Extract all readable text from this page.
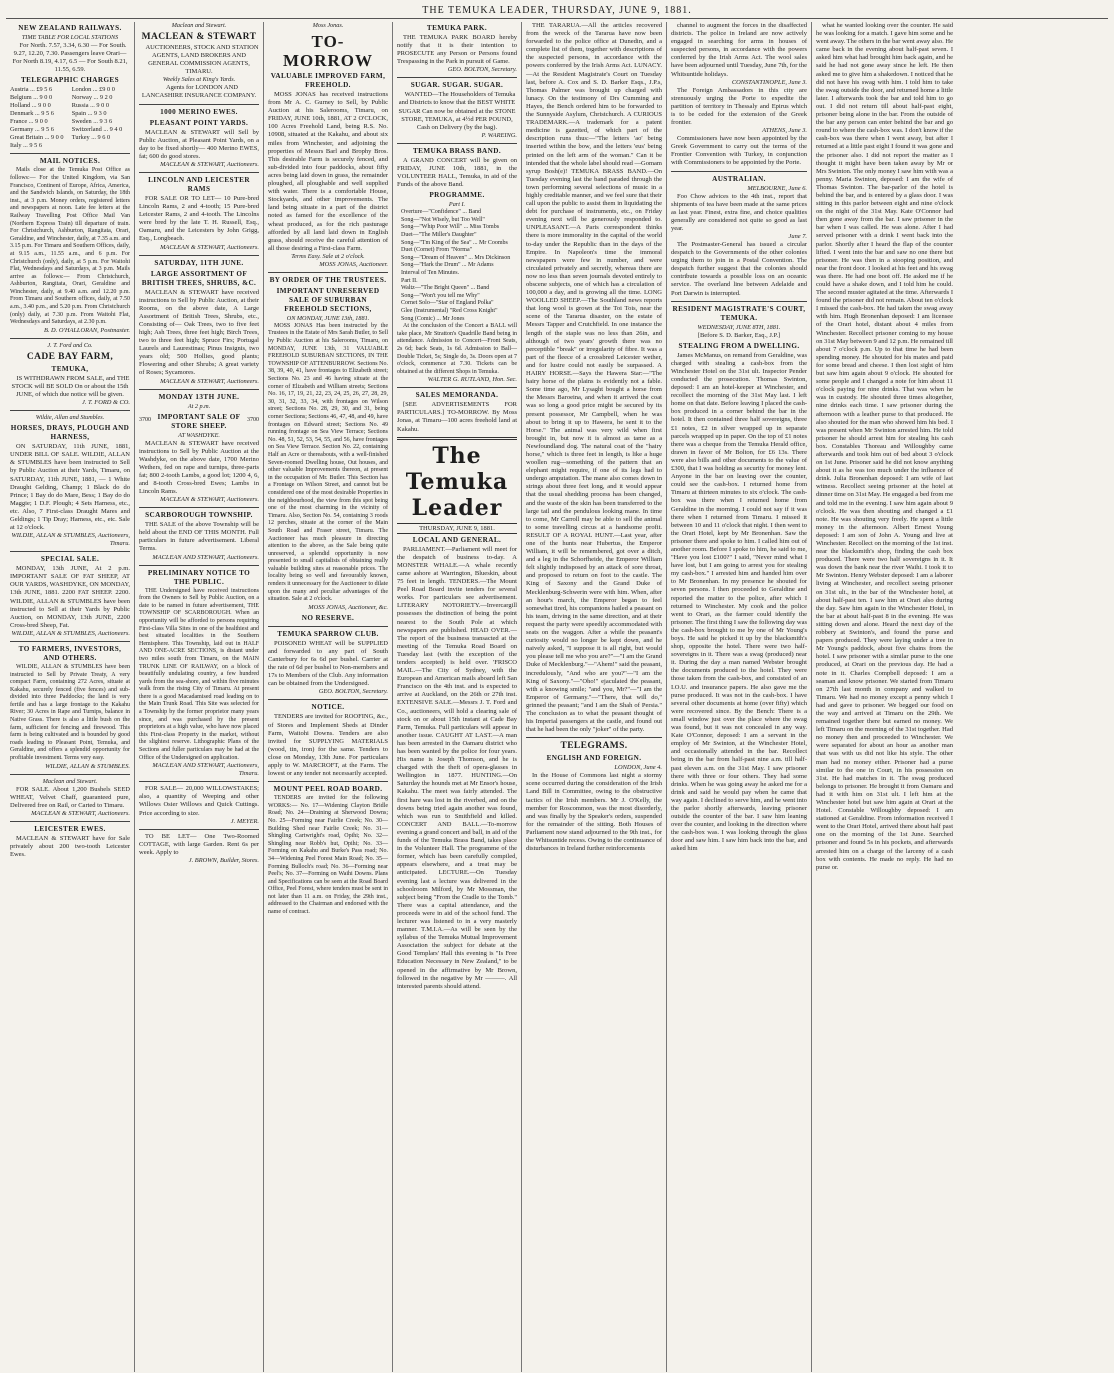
THE TEMUKA LEADER, THURSDAY, JUNE 9, 1881.
NEW ZEALAND RAILWAYS.
TIME TABLE FOR LOCAL STATIONS

For North. 7.57, 3.34, 6.30 — For South. 9.27, 12.20, 7.30. Passengers leave Orari— For North 8.19, 4.17, 6.5 — For South 8.21, 11.55, 6.59.

TELEGRAPHIC CHARGES
Austria ... £9 5 6	London ... £9 0 0	
Belgium ... 9 0 0	Norway ... 9 2 0	
Holland ... 9 0 0	Russia ... 9 0 0	
Denmark ... 9 5 6	Spain ... 9 3 0	
France ... 9 0 0	Sweden ... 9 3 6	
Germany ... 9 5 6	Switzerland ... 9 4 0	
Great Britain ... 9 0 0	Turkey ... 9 6 0	
Italy ... 9 5 6		
MAIL NOTICES.

Mails close at the Temuka Post Office as follows:— For the United Kingdom, via San Francisco, Continent of Europe, Africa, America, and the Sandwich Islands, on Saturday, the 18th inst., at 3 p.m. Money orders, registered letters and newspapers at noon. Late fee letters at the Railway Travelling Post Office Mail Van (Northern Express Train) till departure of train. For Christchurch, Ashburton, Rangitata, Orari, Geraldine, and Winchester, daily, at 7.35 a.m. and 3.15 p.m. For Timaru and Southern Offices, daily, at 9.15 a.m., 11.55 a.m., and 6 p.m. For Christchurch (only), daily, at 5 p.m. For Waitohi Flat, Wednesdays and Saturdays, at 3 p.m. Mails arrive as follows:— From Christchurch, Ashburton, Rangitata, Orari, Geraldine and Winchester, daily, at 9.40 a.m. and 12.20 p.m. From Timaru and Southern offices, daily, at 7.50 a.m., 3.40 p.m., and 5.20 p.m. From Christchurch (only) daily, at 7.30 p.m. From Waitohi Flat, Wednesdays and Saturdays, at 2.30 p.m.

B. D. O'HALLORAN, Postmaster.
J. T. Ford and Co.
CADE BAY FARM,
TEMUKA,

IS WITHDRAWN FROM SALE, and THE STOCK will BE SOLD On or about the 15th JUNE, of which due notice will be given.

J. T. FORD & CO.
Wildie, Allan and Stumbles.
HORSES, DRAYS, PLOUGH AND HARNESS,

ON SATURDAY, 11th JUNE, 1881, UNDER BILL OF SALE. WILDIE, ALLAN & STUMBLES have been instructed to Sell by Public Auction at their Yards, Timaru, on SATURDAY, 11th JUNE, 1881, — 1 White Draught Gelding, Champ; 1 Black do do Prince; 1 Bay do do Mare, Bess; 1 Bay do do Maggie; 1 D.F. Plough; 4 Sets Harness, etc., etc. Also, 7 First-class Draught Mares and Geldings; 1 Tip Dray; Harness, etc., etc. Sale at 12 o'clock.

WILDIE, ALLAN & STUMBLES, Auctioneers, Timaru.
SPECIAL SALE.

MONDAY, 13th JUNE, At 2 p.m. IMPORTANT SALE OF FAT SHEEP, AT OUR YARDS, WASHDYKE, ON MONDAY, 13th JUNE, 1881. 2200 FAT SHEEP. 2200. WILDIE, ALLAN & STUMBLES have been instructed to Sell at their Yards by Public Auction, on MONDAY, 13th JUNE, 2200 Cross-bred Sheep, Fat.

WILDIE, ALLAN & STUMBLES, Auctioneers.
TO FARMERS, INVESTORS, AND OTHERS.

WILDIE, ALLAN & STUMBLES have been instructed to Sell by Private Treaty, A very compact Farm, containing 272 Acres, situate at Kakahu, securely fenced (five fences) and sub-divided into three Paddocks; the land is very fertile and has a large frontage to the Kakahu River; 30 Acres in Rape and Turnips, balance in Native Grass. There is also a little bush on the farm, sufficient for fencing and firewood. This farm is being cultivated and is bounded by good roads leading to Pleasant Point, Temuka, and Geraldine, and offers a splendid opportunity for profitable investment. Terms very easy.

WILDIE, ALLAN & STUMBLES.
Maclean and Stewart.

FOR SALE. About 1,200 Bushels SEED WHEAT, Velvet Chaff, guaranteed pure, Delivered free on Rail, or Carted to Timaru.

MACLEAN & STEWART, Auctioneers.
LEICESTER EWES.

MACLEAN & STEWART have for Sale privately about 200 two-tooth Leicester Ewes.

Maclean and Stewart.
MACLEAN & STEWART

AUCTIONEERS, STOCK AND STATION AGENTS, LAND BROKERS AND GENERAL COMMISSION AGENTS, TIMARU.

Weekly Sales at King's Yards.

Agents for LONDON AND LANCASHIRE INSURANCE COMPANY.

1000 MERINO EWES.
PLEASANT POINT YARDS.

MACLEAN & STEWART will Sell by Public Auction, at Pleasant Point Yards, on a day to be fixed shortly— 400 Merino EWES, fat; 600 do good stores.

MACLEAN & STEWART, Auctioneers.
LINCOLN AND LEICESTER RAMS

FOR SALE OR TO LET— 10 Pure-bred Lincoln Rams, 2 and 4-tooth; 15 Pure-bred Leicester Rams, 2 and 4-tooth. The Lincolns were bred by the late T. H. Russell, Esq., Oamaru, and the Leicesters by John Grigg, Esq., Longbeach.

MACLEAN & STEWART, Auctioneers.
SATURDAY, 11TH JUNE.
LARGE ASSORTMENT OF BRITISH TREES, SHRUBS, &C.

MACLEAN & STEWART have received instructions to Sell by Public Auction, at their Rooms, on the above date, A Large Assortment of British Trees, Shrubs, etc., Consisting of— Oak Trees, two to five feet high; Ash Trees, three feet high; Birch Trees, two to three feet high; Spruce Firs; Portugal Laurels and Laurestinas; Pinus Insignis, two years old; 500 Hollies, good plants; Flowering and other Shrubs; A great variety of Roses; Sycamores.

MACLEAN & STEWART, Auctioneers.
MONDAY 13TH JUNE.
At 2 p.m.
3700 IMPORTANT SALE OF STORE SHEEP.
3700
AT WASHDYKE.

MACLEAN & STEWART have received instructions to Sell by Public Auction at the Washdyke, on the above date, 1700 Merino Wethers, fed on rape and turnips, three-parts fat; 800 2-tooth Lambs, a good lot; 1200 4, 6, and 8-tooth Cross-bred Ewes; Lambs in Lincoln Rams.

MACLEAN & STEWART, Auctioneers.
SCARBOROUGH TOWNSHIP.

THE SALE of the above Township will be held about the END OF THIS MONTH. Full particulars in future advertisement. Liberal Terms.

MACLEAN AND STEWART, Auctioneers.
PRELIMINARY NOTICE TO THE PUBLIC.

THE Undersigned have received instructions from the Owners to Sell by Public Auction, on a date to be named in future advertisement, THE TOWNSHIP OF SCARBOROUGH. When an opportunity will be afforded to persons requiring First-class Villa Sites in one of the healthiest and best situated localities in the Southern Hemisphere. This Township, laid out in HALF AND ONE-ACRE SECTIONS, is distant under two miles south from Timaru, on the MAIN TRUNK LINE OF RAILWAY, on a block of beautifully undulating country, a few hundred yards from the sea-shore, and within five minutes walk from the rising City of Timaru. At present there is a good Macadamised road leading on to the Main Trunk Road. This Site was selected for a Township by the former proprietor many years since, and was purchased by the present proprietors at a high value, who have now placed this First-class Property in the market, without the slightest reserve. Lithographic Plans of the Sections and fuller particulars may be had at the Office of the Undersigned on application.

MACLEAN AND STEWART, Auctioneers, Timaru.

FOR SALE— 20,000 WILLOWSTAKES; also, a quantity of Weeping and other Willows Osier Willows and Quick Cuttings. Price according to size.

J. MEYER.

TO BE LET— One Two-Roomed COTTAGE, with large Garden. Rent 6s per week. Apply to

J. BROWN, Builder, Stores.
Moss Jonas.
TO-MORROW
VALUABLE IMPROVED FARM, FREEHOLD.

MOSS JONAS has received instructions from Mr A. C. Gurney to Sell, by Public Auction at his Salerooms, Timaru, on FRIDAY, JUNE 10th, 1881, AT 2 O'CLOCK, 100 Acres Freehold Land, being R.S. No. 10908, situated at the Kakahu, and about six miles from Winchester, and adjoining the properties of Messrs Barl and Brophy Bros. This desirable Farm is securely fenced, and sub-divided into four paddocks, about fifty acres being laid down in grass, the remainder ploughed, all ploughable and well supplied with water. There is a comfortable House, Stockyards, and other improvements. The land being situate in a part of the district noted as famed for the excellence of the wheat produced, as for the rich pasturage afforded by all land laid down in English grass, should receive the careful attention of all those desiring a First-class Farm.

Terms Easy. Sale at 2 o'clock.
MOSS JONAS, Auctioneer.
BY ORDER OF THE TRUSTEES.
IMPORTANT UNRESERVED SALE OF SUBURBAN FREEHOLD SECTIONS,
ON MONDAY, JUNE 13th, 1881.

MOSS JONAS Has been instructed by the Trustees in the Estate of Mrs Sarah Butler, to Sell by Public Auction at his Salerooms, Timaru, on MONDAY, JUNE 13th, 31 VALUABLE FREEHOLD SUBURBAN SECTIONS, IN THE TOWNSHIP OF ATTENBURROW. Sections No. 38, 39, 40, 41, have frontages to Elizabeth street; Sections No. 23 and 46 having situate at the corner of Elizabeth and William streets; Sections No. 16, 17, 19, 21, 22, 23, 24, 25, 26, 27, 28, 29, 30, 31, 32, 33, 34, with frontages on Wilson street; Sections No. 28, 29, 30, and 31, being corner Sections; Sections 46, 47, 48, and 49, have frontages on Edward street; Sections No. 49 running frontage on Sea View Terrace; Sections No. 48, 51, 52, 53, 54, 55, and 56, have frontages on Sea View Terrace. Section No. 22, containing Half an Acre or thereabouts, with a well-finished Seven-roomed Dwelling house, Out houses, and other valuable Improvements thereon, at present in the occupation of Mr. Butler. This Section has a Frontage on Wilson Street, and cannot but be considered one of the most desirable Properties in the neighbourhood, the view from this spot being one of the most charming in the vicinity of Timaru. Also, Section No. 54, containing 3 roods 12 perches, situate at the corner of the Main South Road and Fraser street, Timaru. The Auctioneer has much pleasure in directing attention to the above, as the Sale being quite unreserved, a splendid opportunity is now presented to small capitalists of obtaining really valuable building sites at reasonable prices. The locality being so well and favourably known, renders it unnecessary for the Auctioneer to dilate upon the many and peculiar advantages of the situation. Sale at 2 o'clock.

MOSS JONAS, Auctioneer, &c.
NO RESERVE.
TEMUKA SPARROW CLUB.

POISONED WHEAT will be SUPPLIED and forwarded to any part of South Canterbury for 6s 6d per bushel. Carrier at the rate of 6d per bushel to Non-members and 17s to Members of the Club. Any information can be obtained from the Undersigned.

GEO. BOLTON, Secretary.
NOTICE.

TENDERS are invited for ROOFING, &c., of Stores and Implement Sheds at Dinder Farm, Waitohi Downs. Tenders are also invited for SUPPLYING MATERIALS (wood, tin, iron) for the same. Tenders to close on Monday, 13th June. For particulars apply to W. MARCROFT, at the Farm. The lowest or any tender not necessarily accepted.

MOUNT PEEL ROAD BOARD.

TENDERS are invited for the following WORKS:— No. 17—Widening Clayton Bridle Road; No. 24—Draining at Sherwood Downs; No. 25—Forming near Fairlie Creek; No. 30—Building Shed near Fairlie Creek; No. 31—Shingling Cartwright's road, Opihi; No. 32—Shingling near Robb's hut, Opihi; No. 33—Forming on Kakahu and Burke's Pass road; No. 34—Widening Peel Forest Main Road; No. 35—Forming Bulloch's road; No. 36—Forming near Peel's; No. 37—Forming on Waihi Downs. Plans and Specifications can be seen at the Road Board Office, Peel Forest, where tenders must be sent in not later than 11 a.m. on Friday, the 29th inst., addressed to the Chairman and endorsed with the name of contract.

TEMUKA PARK.

THE TEMUKA PARK BOARD hereby notify that it is their intention to PROSECUTE any Person or Persons found Trespassing in the Park in pursuit of Game.

GEO. BOLTON, Secretary.
SUGAR. SUGAR. SUGAR.

WANTED—The Householders of Temuka and Districts to know that the BEST WHITE SUGAR Can now be obtained at the STONE STORE, TEMUKA, at 4½d PER POUND, Cash on Delivery (by the bag).

P. WAREING.
TEMUKA BRASS BAND.

A GRAND CONCERT will be given on FRIDAY, JUNE 10th, 1881, in the VOLUNTEER HALL, Temuka, in aid of the Funds of the above Band.

PROGRAMME.
Part I.
Overture—"Confidence" ... Band
Song—"Not Wisely, but Too Well"
Song—"Whip Poor Will" ... Miss Tombs
Duet—"The Miller's Daughter"
Song—"Tm King of the Sea" ... Mr Coombs
Duet (Cornet) From "Norma"
Song—"Dream of Heaven" ... Mrs Dickinson
Song—"Hark the Drum" ... Mr Adams
Interval of Ten Minutes.
Part II.
Waltz—"The Bright Queen" ... Band
Song—"Won't you tell me Why"
Cornet Solo—"Star of England Polka"
Glee (Instrumental) "Red Cross Knight"
Song (Comic) ... Mr Jones

At the conclusion of the Concert a BALL will take place, Mr Stratton's Quadrille Band being in attendance. Admission to Concert—Front Seats, 2s 6d; back Seats, 1s 6d. Admission to Ball—Double Ticket, 5s; Single do, 3s. Doors open at 7 o'clock, commence at 7.30. Tickets can be obtained at the different Shops in Temuka.

WALTER G. RUTLAND, Hon. Sec.
SALES MEMORANDA.

[SEE ADVERTISEMENTS FOR PARTICULARS.] TO-MORROW. By Moss Jonas, at Timaru—100 acres freehold land at Kakahu.

The Temuka Leader
THURSDAY, JUNE 9, 1881.
LOCAL AND GENERAL.

PARLIAMENT.—Parliament will meet for the despatch of business to-day. A MONSTER WHALE.—A whale recently came ashore at Warrington, Blueskin, about 75 feet in length. TENDERS.—The Mount Peel Road Board invite tenders for several works. For particulars see advertisement. LITERARY NOTORIETY.—Invercargill possesses the distinction of being the point nearest to the South Pole at which newspapers are published. HEAD OVER.—The report of the business transacted at the meeting of the Temuka Road Board on Tuesday last (with the exception of the tenders accepted) is held over. 'FRISCO MAIL.—The City of Sydney, with the European and American mails aboard left San Francisco on the 4th inst. and is expected to arrive at Auckland, on the 26th or 27th inst. EXTENSIVE SALE.—Messrs J. T. Ford and Co., auctioneers, will hold a clearing sale of stock on or about 15th instant at Cade Bay Farm, Temuka. Full particulars will appear in another issue. CAUGHT AT LAST.—A man has been arrested in the Oamaru district who has been wanted by the police for four years. His name is Joseph Thomson, and he is charged with the theft of opera-glasses in Wellington in 1877. HUNTING.—On Saturday the hounds met at Mr Ensor's house, Kakahu. The meet was fairly attended. The first hare was lost in the riverbed, and on the downs being tried again another was found, which was run to Smithfield and killed. CONCERT AND BALL.—To-morrow evening a grand concert and ball, in aid of the funds of the Temuka Brass Band, takes place in the Volunteer Hall. The programme of the former, which has been carefully compiled, appears elsewhere, and a treat may be anticipated. LECTURE.—On Tuesday evening last a lecture was delivered in the schoolroom Milford, by Mr Mossman, the subject being "From the Cradle to the Tomb." There was a capital attendance, and the proceeds were in aid of the school fund. The lecturer was listened to in a very masterly manner. T.M.I.A.—As will be seen by the syllabus of the Temuka Mutual Improvement Association the subject for debate at the Good Templars' Hall this evening is "Is Free Education Necessary in New Zealand," to be opened in the affirmative by Mr Brown, followed in the negative by Mr ———. All interested parents should attend.

THE TARARUA.—All the articles recovered from the wreck of the Tararua have now been forwarded to the police office at Dunedin, and a complete list of them, together with descriptions of the suspected persons, in accordance with the powers conferred by the Irish Arms Act. LUNACY.—At the Resident Magistrate's Court on Tuesday last, before A. Cox and S. D. Barker Esqs., J.P.s, Thomas Palmer was brought up charged with lunacy. On the testimony of Drs Cumming and Hayes, the Bench ordered him to be forwarded to the Sunnyside Asylum, Christchurch. A CURIOUS TRADEMARK.—A trademark for a patent medicine is gazetted, of which part of the description runs thus:—"The letters 'ao' being inserted within the bow, and the letters 'eus' being printed on the left arm of the woman." Can it be intended that the whole label should read —Gomam syrup Bosh(e)! TEMUKA BRASS BAND.—On Tuesday evening last the band paraded through the town performing several selections of music in a highly creditable manner, and we feel sure that their call upon the public to assist them in liquidating the debt for purchase of instruments, etc., on Friday evening next will be generously responded to. UNPLEASANT.—A Paris correspondent thinks there is more immorality in the capital of the world to-day under the Republic than in the days of the Empire. In Napoleon's time the immoral newspapers were few in number, and were circulated privately and secretly, whereas there are now no less than seven journals devoted entirely to obscene subjects, one of which has a circulation of 100,000 a day, and is growing all the time. LONG WOOLLED SHEEP.—The Southland news reports that long wool is grown at the Toi Tois, near the scene of the Tararua disaster, on the estate of Messrs Tapper and Crutchfield. In one instance the length of the staple was no less than 26in, and although of two years' growth there was no perceptible "break" or irregularity of fibre. It was a part of the fleece of a crossbred Leicester wether, and for lustre could not easily be surpassed. A HAIRY HORSE.—Says the Hawera Star:—"The hairy horse of the plains is evidently not a fable. Some time ago, Mr Lysaght bought a horse from the Messrs Baroeina, and when it arrived the coat was so long a good price might be secured by its present possessor, Mr Campbell, when he was about to bring it up to Hawera, he sent it to the Horse." The animal was very wild when first brought in, but now it is almost as tame as a Newfoundland dog. The natural coat of the "hairy horse," which is three feet in length, is like a huge woollen rug—something of the pattern that an elephant might require, if one of its legs had to undergo amputation. The mane also comes down in strings about three feet long, and it would appear that the usual shedding process has been changed, and the waste of the skin has been transferred to the large tail and the pendulous looking mane. In time to come, Mr Carroll may be able to sell the animal to some travelling circus at a handsome profit. RESULT OF A ROYAL HUNT.—Last year, after one of the hunts near Hubertus, the Emperor William, it will be remembered, got over a ditch, and a leg in the Schorfheide, the Emperor William felt slightly indisposed by an attack of sore throat, and proposed to return on foot to the castle. The King of Saxony and the Grand Duke of Mecklenburg-Schwerin were with him. When, after an hour's march, the Emperor began to feel somewhat tired, his companions hailed a peasant on his team, driving in the same direction, and at their request the party were speedily accommodated with seats on the waggon. After a while the peasant's curiosity would no longer be kept down, and he naively asked, "I suppose it is all right, but would you please tell me who you are?"—"I am the Grand Duke of Mecklenburg."—"Ahem!" said the peasant, incredulously, "And who are you?"—"I am the King of Saxony."—"Oho!" ejaculated the peasant, with a knowing smile; "and you, Mr?"—"I am the Emperor of Germany."—"There, that will do," grinned the peasant; "and I am the Shah of Persia." The conclusion as to what the peasant thought of his Imperial passengers at the castle, and found out that he had been the only "joker" of the party.

TELEGRAMS.
ENGLISH AND FOREIGN.
LONDON, June 4.

In the House of Commons last night a stormy scene occurred during the consideration of the Irish Land Bill in Committee, owing to the obstructive tactics of the Irish members. Mr J. O'Kelly, the member for Roscommon, was the most disorderly, and was finally by the Speaker's orders, suspended for the remainder of the sitting. Both Houses of Parliament now stand adjourned to the 9th inst., for the Whitsuntide recess. Owing to the continuance of disturbances in Ireland further reinforcements

channel to augment the forces in the disaffected districts. The police in Ireland are now actively engaged in searching for arms in houses of suspected persons, in accordance with the powers conferred by the Irish Arms Act. The wool sales have been adjourned until Tuesday, June 7th, for the Whitsuntide holidays.

CONSTANTINOPLE, June 3.

The Foreign Ambassadors in this city are strenuously urging the Porte to expedite the partition of territory in Thessaly and Epirus which is to be ceded for the extension of the Greek frontier.

ATHENS, June 3.

Commissioners have now been appointed by the Greek Government to carry out the terms of the Frontier Convention with Turkey, in conjunction with Commissioners to be appointed by the Porte.

AUSTRALIAN.
MELBOURNE, June 6.

Foo Chow advices to the 4th inst., report that shipments of tea have been made at the same prices as last year. Finest, extra fine, and choice qualities generally are considered not quite so good as last year.

June 7.

The Postmaster-General has issued a circular despatch to the Governments of the other colonies urging them to join in a Postal Convention. The despatch further suggest that the colonies should contribute towards a possible loss on an oceanic service. The overland line between Adelaide and Port Darwin is interrupted.

RESIDENT MAGISTRATE'S COURT, TEMUKA.
WEDNESDAY, JUNE 8TH, 1881.
[Before S. D. Barker, Esq., J.P.]
STEALING FROM A DWELLING.

James McManus, on remand from Geraldine, was charged with stealing a cash-box from the Winchester Hotel on the 31st ult. Inspector Pender conducted the prosecution. Thomas Swinton, deposed: I am an hotel-keeper at Winchester, and recollect the morning of the 31st May last. I left home on that date. Before leaving I placed the cash-box produced in a corner behind the bar in the hotel. It then contained three half sovereigns, three £1 notes, £2 in silver wrapped up in separate parcels wrapped up in paper. On the top of £1 notes there was a cheque from the Temuka Herald office, drawn in favor of Mr Bolton, for £6 13s. There were also bills and other documents to the value of £300, that I was holding as security for money lent. Anyone in the bar on leaving over the counter, could see the cash-box. I returned home from Timaru at thirteen minutes to six o'clock. The cash-box was there when I returned home from Geraldine in the morning. I could not say if it was there when I returned from Timaru. I missed it between 10 and 11 o'clock that night. I then went to the Orari Hotel, kept by Mr Bronenhan. Saw the prisoner there and spoke to him. I called him out of another room. Before I spoke to him, he said to me, "Have you lost £100?" I said, "Never mind what I have lost, but I am going to arrest you for stealing my cash-box." I arrested him and handed him over to Mr Bronenhan. In my presence he shouted for seven persons. I then proceeded to Geraldine and reported the matter to the police, after which I returned to Winchester. My cook and the police went to Orari, as the farmer could identify the prisoner. The first thing I saw the following day was the cash-box brought to me by one of Mr Young's boys. He said he picked it up by the blacksmith's shop, opposite the hotel. There were two half-sovereigns in it. There was a swag (produced) near it. During the day a man named Webster brought the documents produced to the hotel. They were those taken from the cash-box, and consisted of an I.O.U. and insurance papers. He also gave me the purse produced. It was not in the cash-box. I have several other documents at home (over fifty) which were recovered since. By the Bench: There is a small window just over the place where the swag was found, but it was not concealed in any way. Kate O'Connor, deposed: I am a servant in the employ of Mr Swinton, at the Winchester Hotel, and occasionally attended in the bar. Recollect being in the bar from half-past nine a.m. till half-past eleven a.m. on the 31st May. I saw prisoner there with three or four others. They had some drinks. When he was going away he asked me for a drink and said he would pay when he came that way again. I declined to serve him, and he went into the parlor shortly afterwards, leaving prisoner outside the counter of the bar. I saw him leaning over the counter, and looking in the direction where the cash-box was. I was looking through the glass door and saw him. I saw him back into the bar, and asked him

what he wanted looking over the counter. He said he was looking for a match. I gave him some and he went away. The others in the bar went away also. He came back in the evening about half-past seven. I asked him what had brought him back again, and he said he had not gone away since he left. He then asked me to give him a shakedown. I noticed that he did not have his swag with him. I told him to take the swag outside the door, and returned home a little later. I afterwards took the bar and told him to go out. I did not return till about half-past eight, prisoner being alone in the bar. From the outside of the bar any person can enter behind the bar and go round to where the cash-box was. I don't know if the cash-box was there when I went away, but after I returned at a little past eight I found it was gone and the prisoner also. I did not report the matter as I thought it might have been taken away by Mr or Mrs Swinton. The only money I saw him with was a penny. Maria Swinton, deposed: I am the wife of Thomas Swinton. The bar-parlor of the hotel is behind the bar, and is entered by a glass door. I was sitting in this parlor between eight and nine o'clock on the night of the 31st May. Kate O'Connor had then gone away from the bar. I saw prisoner in the bar when I was called. He was alone. After I had served prisoner with a drink I went back into the parlor. Shortly after I heard the flap of the counter lifted. I went into the bar and saw no one there but prisoner. He was then in a stooping position, and near the front door. I looked at his feet and his swag was there. He had one boot off. He asked me if he could have a shake down, and I told him he could. The second muster agitated at the time. Afterwards I found the prisoner did not remain. About ten o'clock I missed the cash-box. He had taken the swag away with him. Hugh Bronenhan deposed: I am licensee of the Orari hotel, distant about 4 miles from Winchester. Recollect prisoner coming to my house on 31st May between 9 and 12 p.m. He remained till about 7 o'clock p.m. Up to that time he had been spending money. He shouted for his mates and paid for some bread and cheese. I then lost sight of him but saw him again about 9 o'clock. He shouted for some people and I changed a note for him about 11 o'clock paying for nine drinks. That was when he was in custody. He shouted three times altogether, nine drinks each time. I saw prisoner during the afternoon with a leather purse to that produced. He also shouted for the man who showed him his bed. I was present when Mr Swinton arrested him. He told prisoner he should arrest him for stealing his cash box. Constables Thoreau and Willoughby came afterwards and took him out of bed about 3 o'clock on 1st June. Prisoner said he did not know anything about it as he was too much under the influence of drink. Julia Bronenhan deposed: I am wife of last witness. Recollect seeing prisoner at the hotel at dinner time on 31st May. He engaged a bed from me and told me in the evening. I saw him again about 9 o'clock. He was then shouting and changed a £1 note. He was shouting very freely. He spent a little money in the afternoon. Albert Ernest Young deposed: I am son of John A. Young and live at Winchester. Recollect on the morning of the 1st inst. near the blacksmith's shop, finding the cash box produced. There were two half sovereigns in it. It was down the bank near the river Waihi. I took it to Mr Swinton. Henry Webster deposed: I am a laborer living at Winchester, and recollect seeing prisoner on 31st ult., in the bar of the Winchester hotel, at about half-past ten. I saw him at Orari also during the day. Saw him again in the Winchester Hotel, in the bar at about half-past 8 in the evening. He was sitting down and alone. Heard the next day of the robbery at Swinton's, and found the purse and papers produced. They were laying under a tree in Mr Young's paddock, about five chains from the hotel. I saw prisoner with a similar purse to the one produced, at Orari on the previous day. He had a note in it. Charles Compbell deposed: I am a seaman and know prisoner. We started from Timaru on 27th last month in company and walked to Timaru. We had no money except a penny which I had and gave to prisoner. We begged our food on the way and arrived at Timaru on the 29th. We remained together there but earned no money. We left Timaru on the morning of the 31st together. Had no money then and proceeded to Winchester. We were separated for about an hour as another man that was with us did not like his style. The other man had no money either. Prisoner had a purse similar to the one in Court, in his possession on 31st. He had matches in it. The swag produced belongs to prisoner. He brought it from Oamaru and had it with him on 31st ult. I left him at the Winchester hotel but saw him again at Orari at the Hotel. Constable Willoughby deposed: I am stationed at Geraldine. From information received I went to the Orari Hotel, arrived there about half past one on the morning of the 1st June. Searched prisoner and found 5s in his pockets, and afterwards arrested him on a charge of the larceny of a cash box with contents. He made no reply. He had no purse or.
